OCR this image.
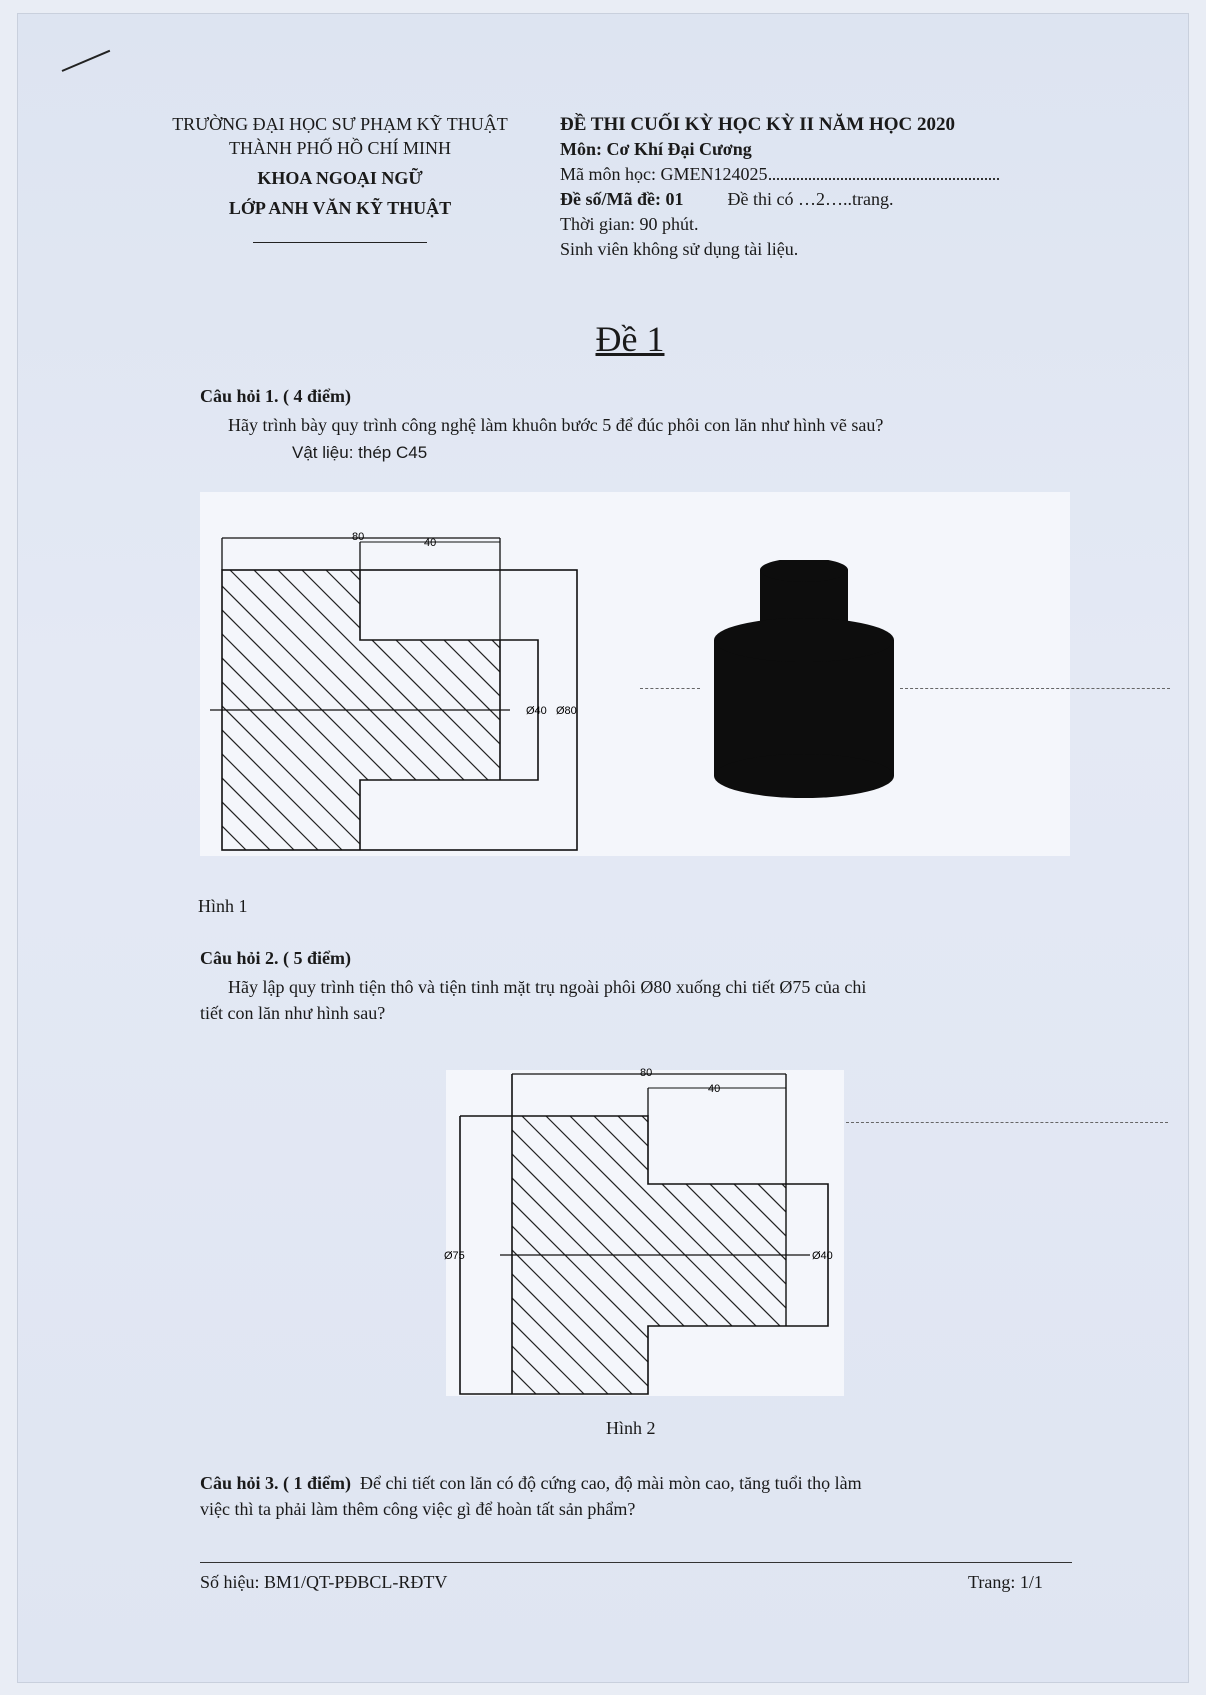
TRƯỜNG ĐẠI HỌC SƯ PHẠM KỸ THUẬT
THÀNH PHỐ HỒ CHÍ MINH
KHOA NGOẠI NGỮ
LỚP ANH VĂN KỸ THUẬT
ĐỀ THI CUỐI KỲ HỌC KỲ II NĂM HỌC 2020
Môn: Cơ Khí Đại Cương
Mã môn học: GMEN124025
Đề số/Mã đề: 01 Đề thi có …2…..trang.
Thời gian: 90 phút.
Sinh viên không sử dụng tài liệu.
Đề 1
Câu hỏi 1. ( 4 điểm)
Hãy trình bày quy trình công nghệ làm khuôn bước 5 để đúc phôi con lăn như hình vẽ sau?
Vật liệu: thép C45
80	40
Ø40 Ø80
Hình 1
Câu hỏi 2. ( 5 điểm)
Hãy lập quy trình tiện thô và tiện tinh mặt trụ ngoài phôi Ø80 xuống chi tiết Ø75 của chi
tiết con lăn như hình sau?
80
40
Ø75	Ø40
Hình 2
Câu hỏi 3. ( 1 điểm) Để chi tiết con lăn có độ cứng cao, độ mài mòn cao, tăng tuổi thọ làm
việc thì ta phải làm thêm công việc gì để hoàn tất sản phẩm?
Số hiệu: BM1/QT-PĐBCL-RĐTV	Trang: 1/1
